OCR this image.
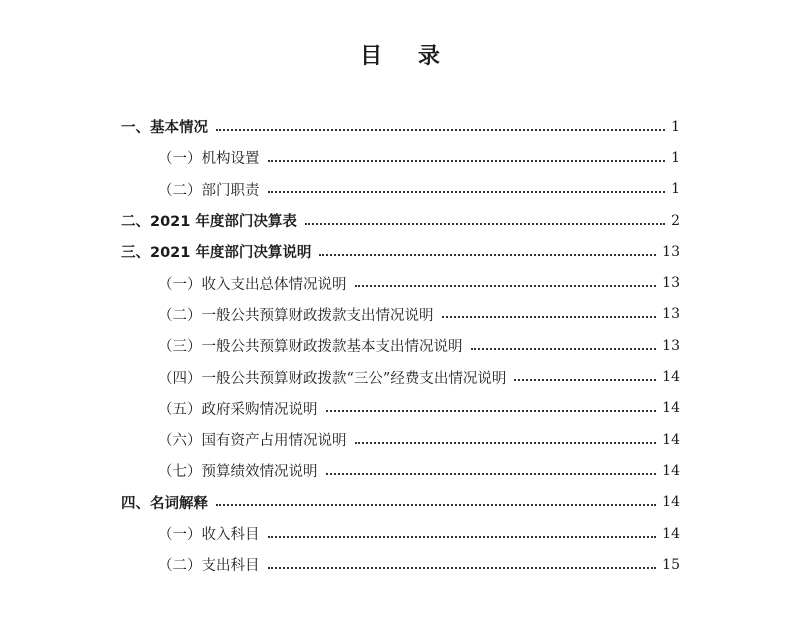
目 录
一、基本情况	1
（一）机构设置	1
（二）部门职责	1
二、2021 年度部门决算表	2
三、2021 年度部门决算说明	13
（一）收入支出总体情况说明	13
（二）一般公共预算财政拨款支出情况说明	13
（三）一般公共预算财政拨款基本支出情况说明	13
（四）一般公共预算财政拨款“三公”经费支出情况说明	14
（五）政府采购情况说明	14
（六）国有资产占用情况说明	14
（七）预算绩效情况说明	14
四、名词解释	14
（一）收入科目	14
（二）支出科目	15
